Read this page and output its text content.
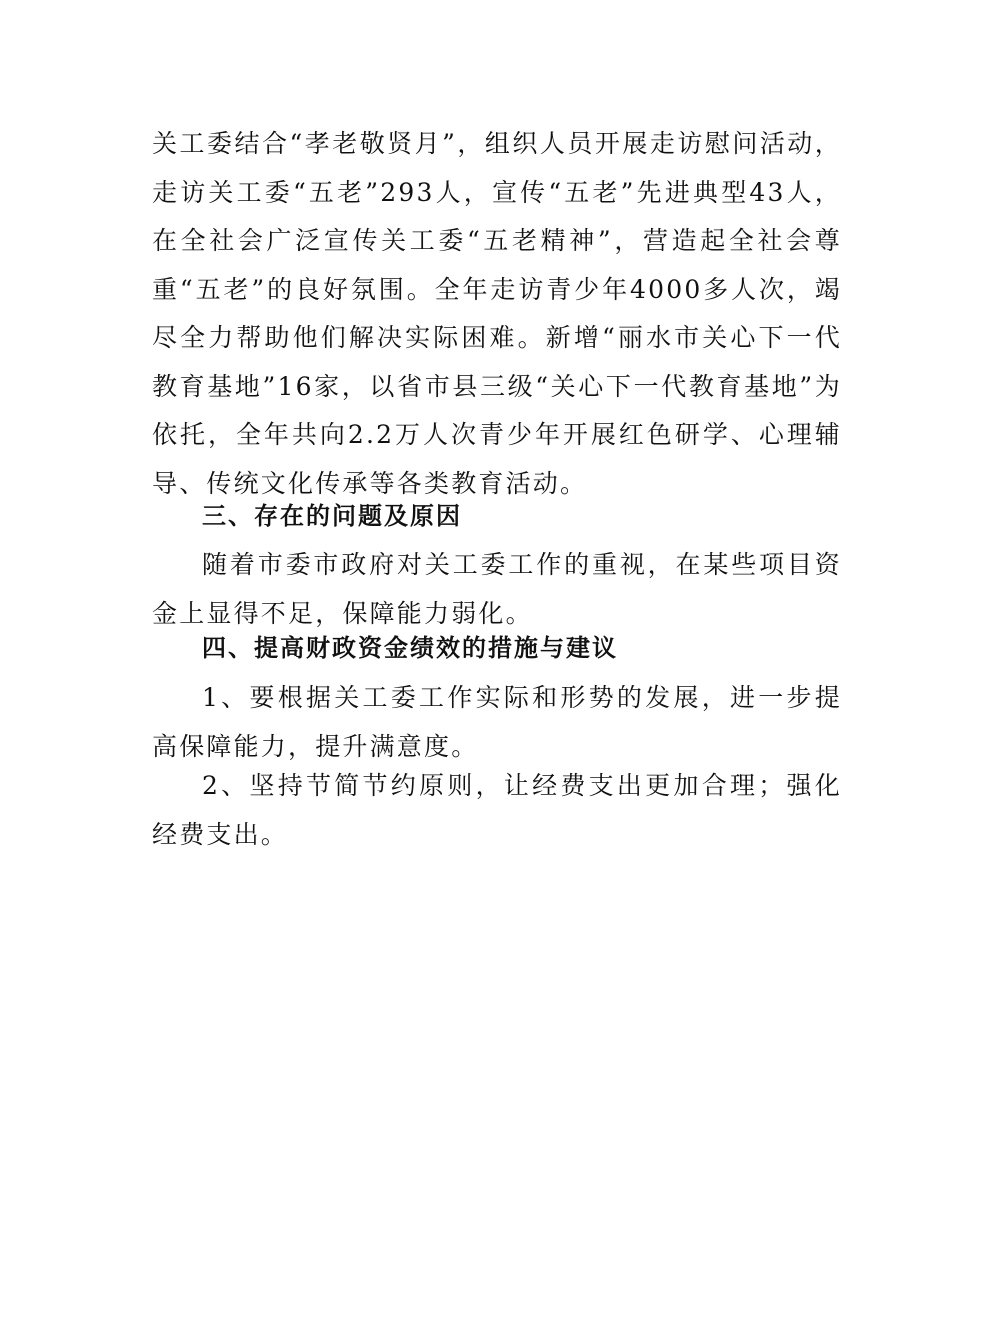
关工委结合“孝老敬贤月”，组织人员开展走访慰问活动，走访关工委“五老”293人，宣传“五老”先进典型43人，在全社会广泛宣传关工委“五老精神”，营造起全社会尊重“五老”的良好氛围。全年走访青少年4000多人次，竭尽全力帮助他们解决实际困难。新增“丽水市关心下一代教育基地”16家，以省市县三级“关心下一代教育基地”为依托，全年共向2.2万人次青少年开展红色研学、心理辅导、传统文化传承等各类教育活动。

三、存在的问题及原因

随着市委市政府对关工委工作的重视，在某些项目资金上显得不足，保障能力弱化。

四、提高财政资金绩效的措施与建议

1、要根据关工委工作实际和形势的发展，进一步提高保障能力，提升满意度。

2、坚持节简节约原则，让经费支出更加合理；强化经费支出。
